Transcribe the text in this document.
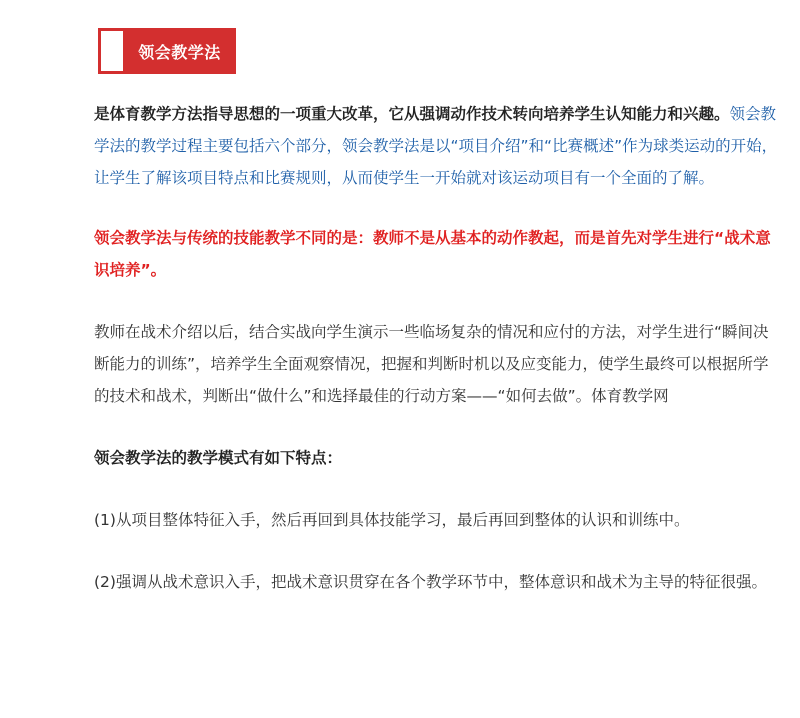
领会教学法

是体育教学方法指导思想的一项重大改革，它从强调动作技术转向培养学生认知能力和兴趣。领会教学法的教学过程主要包括六个部分，领会教学法是以“项目介绍”和“比赛概述”作为球类运动的开始，让学生了解该项目特点和比赛规则，从而使学生一开始就对该运动项目有一个全面的了解。

领会教学法与传统的技能教学不同的是：教师不是从基本的动作教起，而是首先对学生进行“战术意识培养”。

教师在战术介绍以后，结合实战向学生演示一些临场复杂的情况和应付的方法，对学生进行“瞬间决断能力的训练”，培养学生全面观察情况，把握和判断时机以及应变能力，使学生最终可以根据所学的技术和战术，判断出“做什么”和选择最佳的行动方案——“如何去做”。体育教学网

领会教学法的教学模式有如下特点：

(1)从项目整体特征入手，然后再回到具体技能学习，最后再回到整体的认识和训练中。

(2)强调从战术意识入手，把战术意识贯穿在各个教学环节中，整体意识和战术为主导的特征很强。
